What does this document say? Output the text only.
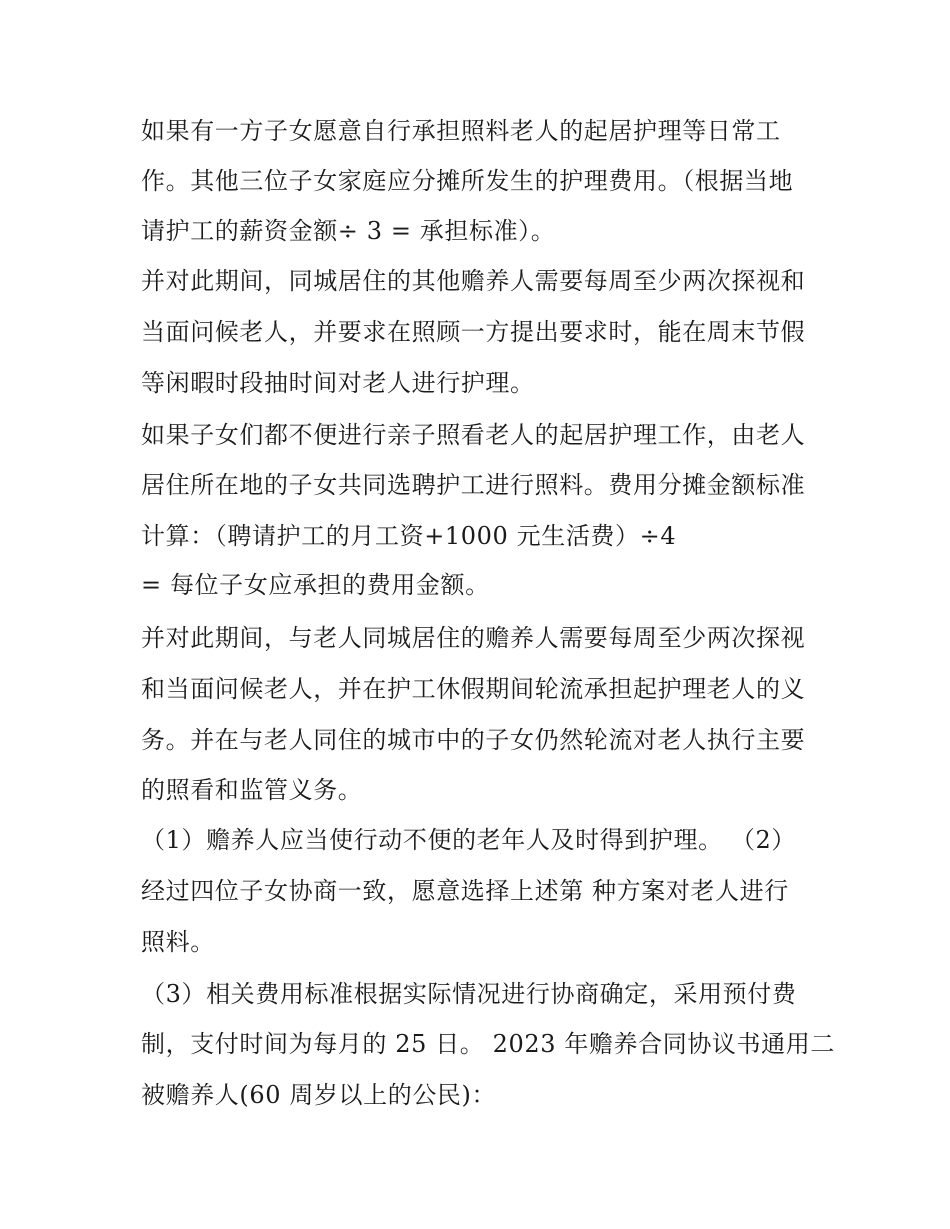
如果有一方子女愿意自行承担照料老人的起居护理等日常工
作。其他三位子女家庭应分摊所发生的护理费用。（根据当地
请护工的薪资金额÷ 3 = 承担标准）。
并对此期间，同城居住的其他赡养人需要每周至少两次探视和
当面问候老人，并要求在照顾一方提出要求时，能在周末节假
等闲暇时段抽时间对老人进行护理。
如果子女们都不便进行亲子照看老人的起居护理工作，由老人
居住所在地的子女共同选聘护工进行照料。费用分摊金额标准
计算：（聘请护工的月工资+1000 元生活费）÷4
= 每位子女应承担的费用金额。
并对此期间，与老人同城居住的赡养人需要每周至少两次探视
和当面问候老人，并在护工休假期间轮流承担起护理老人的义
务。并在与老人同住的城市中的子女仍然轮流对老人执行主要
的照看和监管义务。
（1）赡养人应当使行动不便的老年人及时得到护理。 （2）
经过四位子女协商一致，愿意选择上述第 种方案对老人进行
照料。
（3）相关费用标准根据实际情况进行协商确定，采用预付费
制，支付时间为每月的 25 日。 2023 年赡养合同协议书通用二
被赡养人(60 周岁以上的公民)：
